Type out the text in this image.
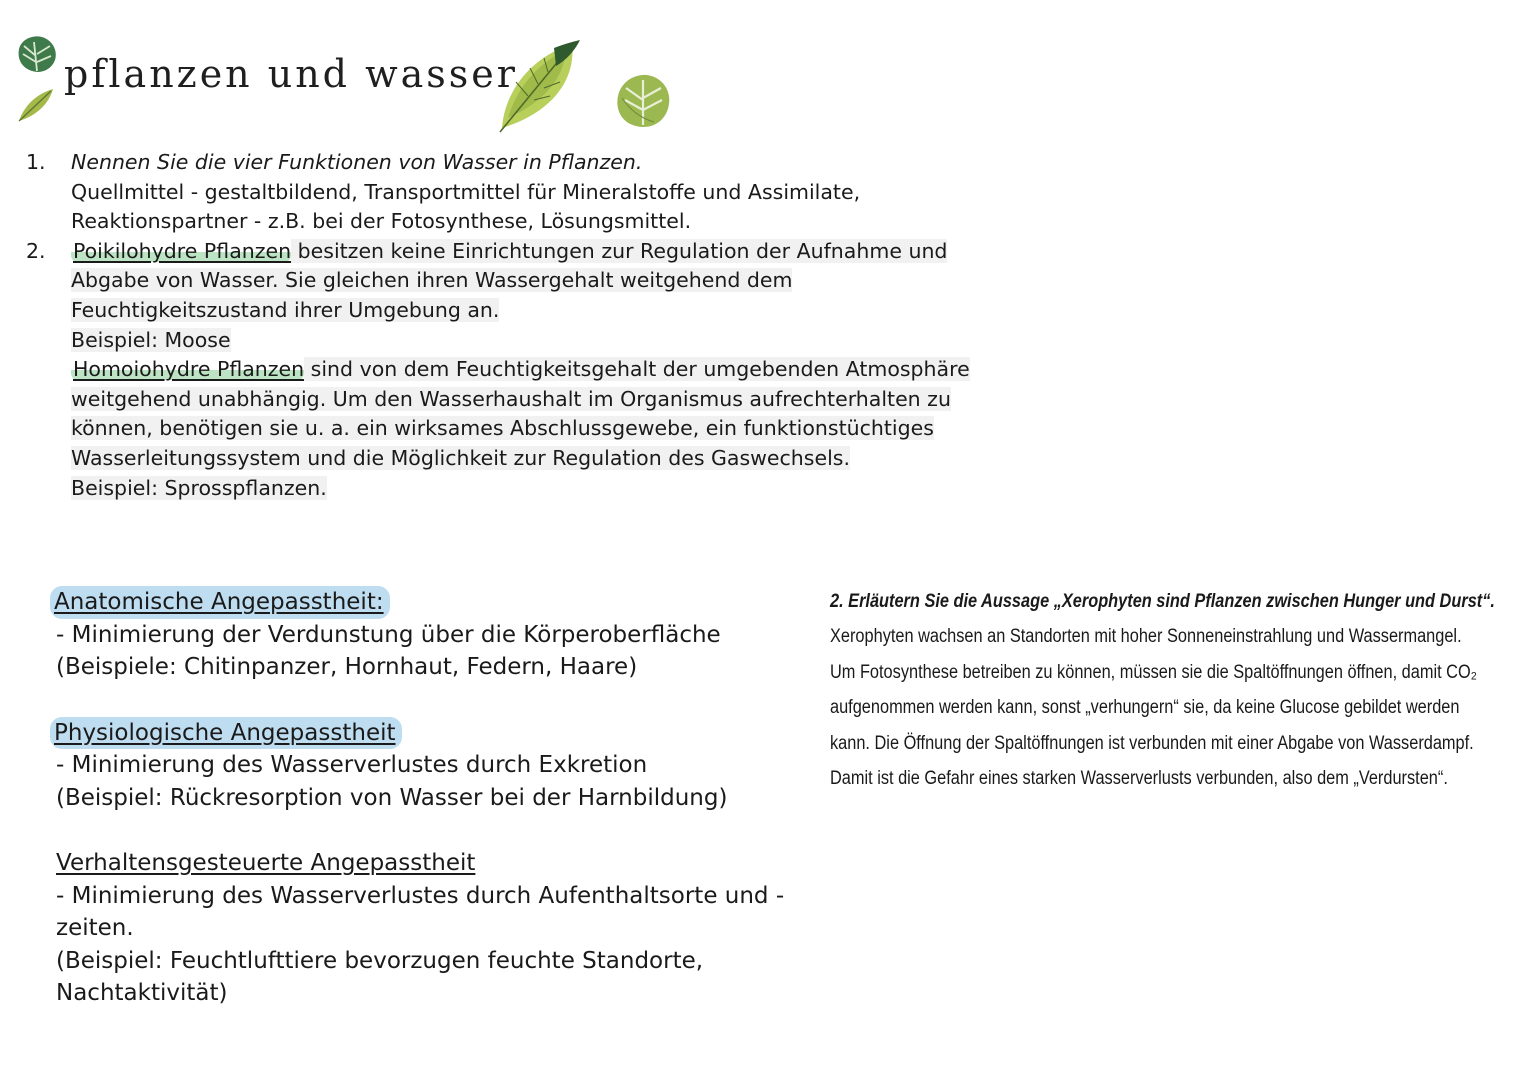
pflanzen und wasser
1. Nennen Sie die vier Funktionen von Wasser in Pflanzen.
Quellmittel - gestaltbildend, Transportmittel für Mineralstoffe und Assimilate,
Reaktionspartner - z.B. bei der Fotosynthese, Lösungsmittel.
2. Poikilohydre Pflanzen besitzen keine Einrichtungen zur Regulation der Aufnahme und
Abgabe von Wasser. Sie gleichen ihren Wassergehalt weitgehend dem
Feuchtigkeitszustand ihrer Umgebung an.
Beispiel: Moose
Homoiohydre Pflanzen sind von dem Feuchtigkeitsgehalt der umgebenden Atmosphäre
weitgehend unabhängig. Um den Wasserhaushalt im Organismus aufrechterhalten zu
können, benötigen sie u. a. ein wirksames Abschlussgewebe, ein funktionstüchtiges
Wasserleitungssystem und die Möglichkeit zur Regulation des Gaswechsels.
Beispiel: Sprosspflanzen.
Anatomische Angepasstheit:
- Minimierung der Verdunstung über die Körperoberfläche
(Beispiele: Chitinpanzer, Hornhaut, Federn, Haare)
Physiologische Angepasstheit
- Minimierung des Wasserverlustes durch Exkretion
(Beispiel: Rückresorption von Wasser bei der Harnbildung)
Verhaltensgesteuerte Angepasstheit
- Minimierung des Wasserverlustes durch Aufenthaltsorte und -zeiten.
(Beispiel: Feuchtlufttiere bevorzugen feuchte Standorte, Nachtaktivität)
2. Erläutern Sie die Aussage „Xerophyten sind Pflanzen zwischen Hunger und Durst“.
Xerophyten wachsen an Standorten mit hoher Sonneneinstrahlung und Wassermangel.
Um Fotosynthese betreiben zu können, müssen sie die Spaltöffnungen öffnen, damit CO₂
aufgenommen werden kann, sonst „verhungern“ sie, da keine Glucose gebildet werden
kann. Die Öffnung der Spaltöffnungen ist verbunden mit einer Abgabe von Wasserdampf.
Damit ist die Gefahr eines starken Wasserverlusts verbunden, also dem „Verdursten“.
